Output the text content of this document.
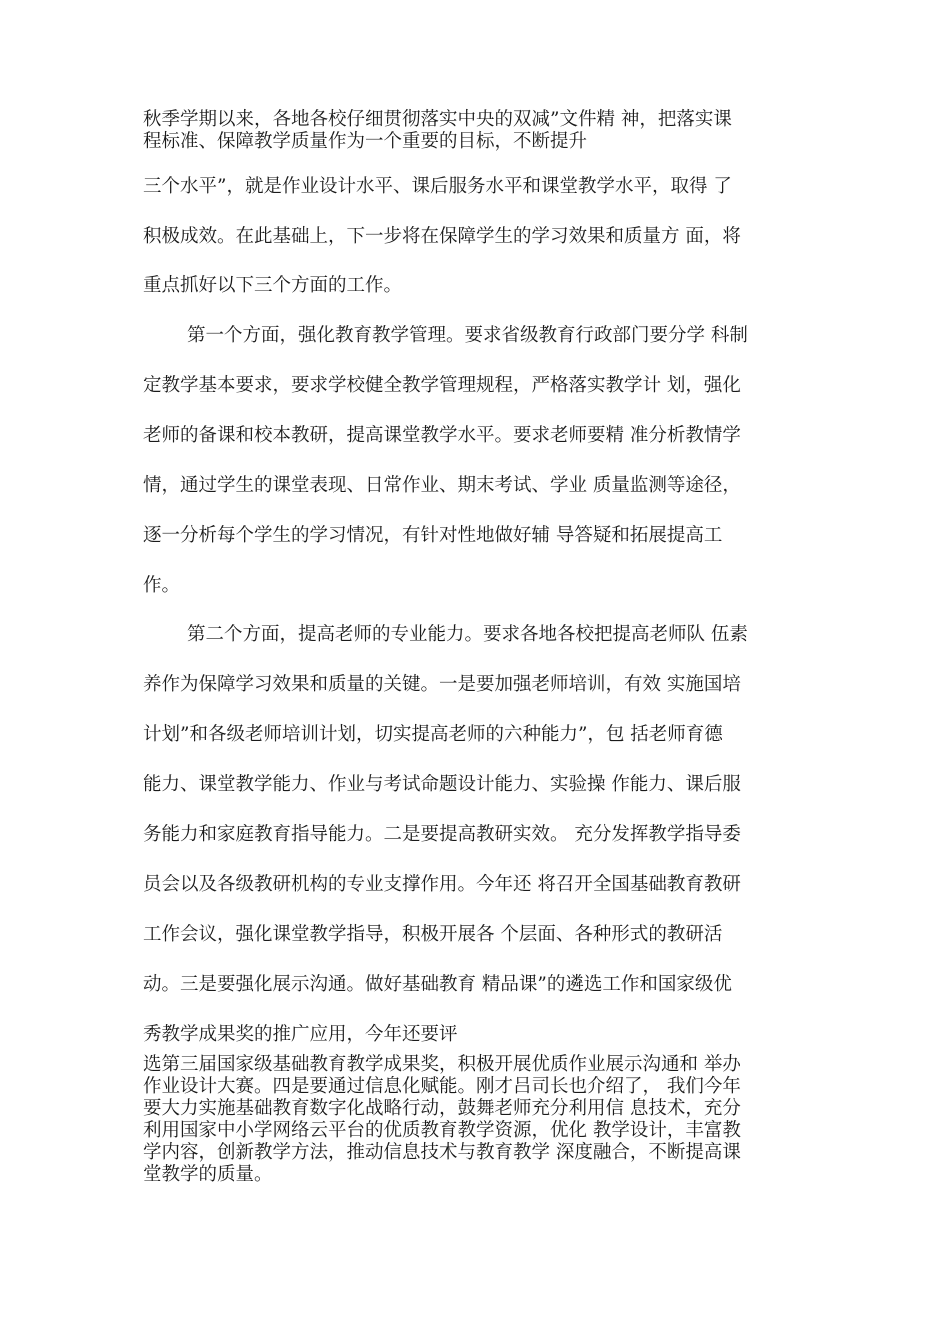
秋季学期以来，各地各校仔细贯彻落实中央的双减”文件精 神，把落实课
程标准、保障教学质量作为一个重要的目标，不断提升
三个水平”，就是作业设计水平、课后服务水平和课堂教学水平，取得 了
积极成效。在此基础上，下一步将在保障学生的学习效果和质量方 面，将
重点抓好以下三个方面的工作。
第一个方面，强化教育教学管理。要求省级教育行政部门要分学 科制
定教学基本要求，要求学校健全教学管理规程，严格落实教学计 划，强化
老师的备课和校本教研，提高课堂教学水平。要求老师要精 准分析教情学
情，通过学生的课堂表现、日常作业、期末考试、学业 质量监测等途径，
逐一分析每个学生的学习情况，有针对性地做好辅 导答疑和拓展提高工
作。
第二个方面，提高老师的专业能力。要求各地各校把提高老师队 伍素
养作为保障学习效果和质量的关键。一是要加强老师培训，有效 实施国培
计划”和各级老师培训计划，切实提高老师的六种能力”，包 括老师育德
能力、课堂教学能力、作业与考试命题设计能力、实验操 作能力、课后服
务能力和家庭教育指导能力。二是要提高教研实效。 充分发挥教学指导委
员会以及各级教研机构的专业支撑作用。今年还 将召开全国基础教育教研
工作会议，强化课堂教学指导，积极开展各 个层面、各种形式的教研活
动。三是要强化展示沟通。做好基础教育 精品课”的遴选工作和国家级优
秀教学成果奖的推广应用，今年还要评
选第三届国家级基础教育教学成果奖，积极开展优质作业展示沟通和 举办
作业设计大赛。四是要通过信息化赋能。刚才吕司长也介绍了， 我们今年
要大力实施基础教育数字化战略行动，鼓舞老师充分利用信 息技术，充分
利用国家中小学网络云平台的优质教育教学资源，优化 教学设计，丰富教
学内容，创新教学方法，推动信息技术与教育教学 深度融合，不断提高课
堂教学的质量。
